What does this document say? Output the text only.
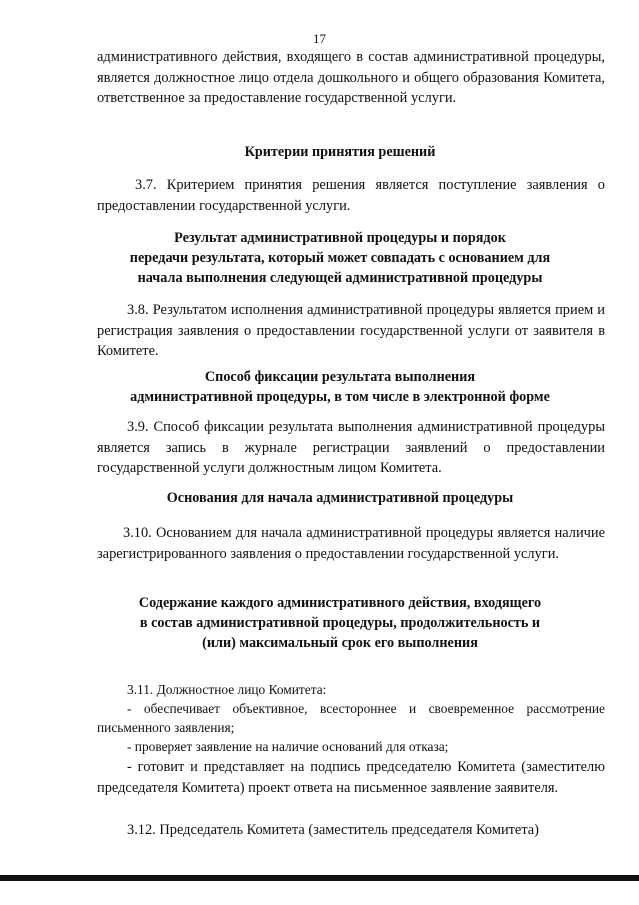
17

административного действия, входящего в состав административной процедуры, является должностное лицо отдела дошкольного и общего образования Комитета, ответственное за предоставление государственной услуги.

Критерии принятия решений

3.7. Критерием принятия решения является поступление заявления о предоставлении государственной услуги.

Результат административной процедуры и порядок
передачи результата, который может совпадать с основанием для
начала выполнения следующей административной процедуры

3.8. Результатом исполнения административной процедуры является прием и регистрация заявления о предоставлении государственной услуги от заявителя в Комитете.

Способ фиксации результата выполнения
административной процедуры, в том числе в электронной форме

3.9. Способ фиксации результата выполнения административной процедуры является запись в журнале регистрации заявлений о предоставлении государственной услуги должностным лицом Комитета.

Основания для начала административной процедуры

3.10. Основанием для начала административной процедуры является наличие зарегистрированного заявления о предоставлении государственной услуги.

Содержание каждого административного действия, входящего
в состав административной процедуры, продолжительность и
(или) максимальный срок его выполнения

3.11. Должностное лицо Комитета:

- обеспечивает объективное, всестороннее и своевременное рассмотрение письменного заявления;

- проверяет заявление на наличие оснований для отказа;

- готовит и представляет на подпись председателю Комитета (заместителю председателя Комитета) проект ответа на письменное заявление заявителя.

3.12. Председатель Комитета (заместитель председателя Комитета)
